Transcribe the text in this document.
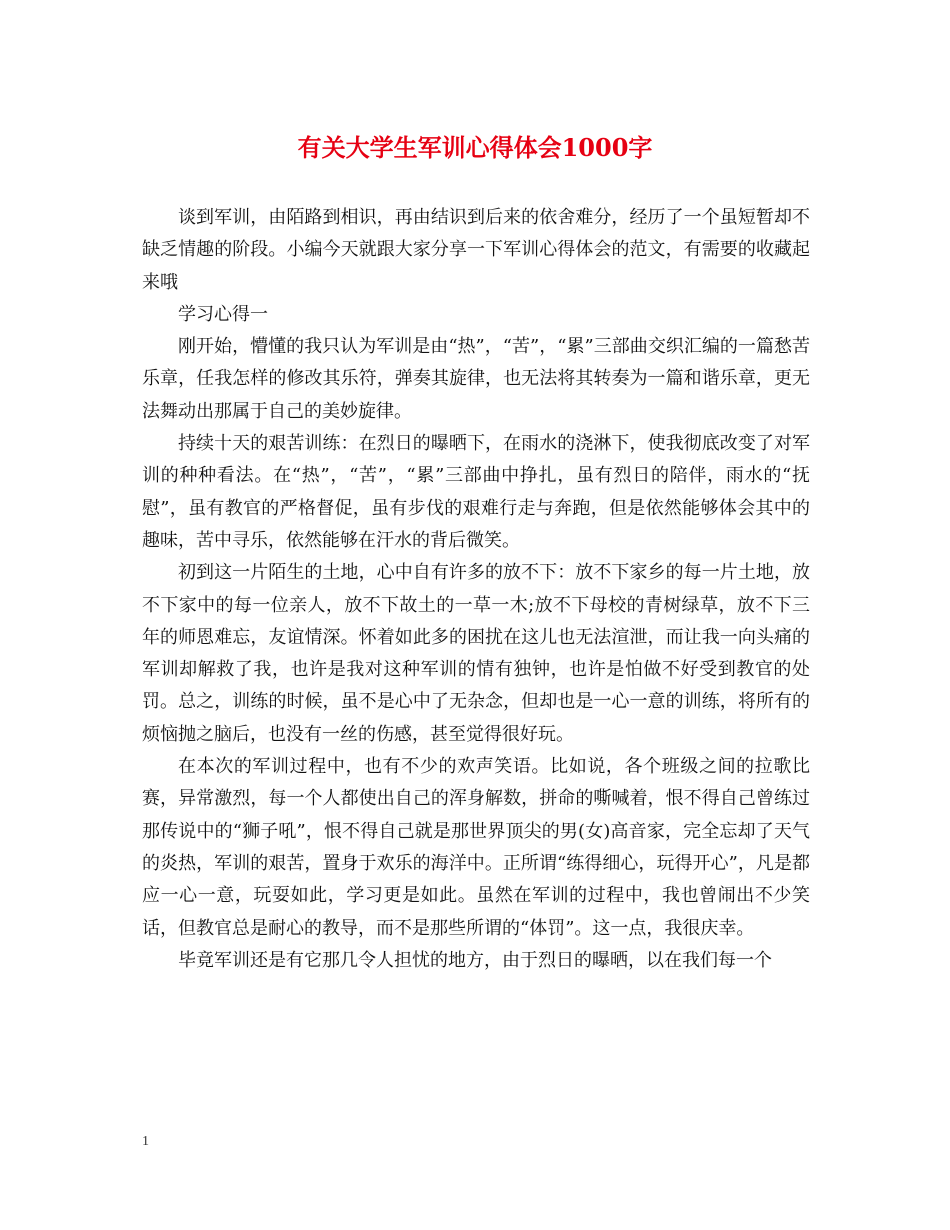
有关大学生军训心得体会1000字

谈到军训，由陌路到相识，再由结识到后来的依舍难分，经历了一个虽短暂却不缺乏情趣的阶段。小编今天就跟大家分享一下军训心得体会的范文，有需要的收藏起来哦

学习心得一

刚开始，懵懂的我只认为军训是由“热”，“苦”，“累”三部曲交织汇编的一篇愁苦乐章，任我怎样的修改其乐符，弹奏其旋律，也无法将其转奏为一篇和谐乐章，更无法舞动出那属于自己的美妙旋律。

持续十天的艰苦训练：在烈日的曝晒下，在雨水的浇淋下，使我彻底改变了对军训的种种看法。在“热”，“苦”，“累”三部曲中挣扎，虽有烈日的陪伴，雨水的“抚慰”，虽有教官的严格督促，虽有步伐的艰难行走与奔跑，但是依然能够体会其中的趣味，苦中寻乐，依然能够在汗水的背后微笑。

初到这一片陌生的土地，心中自有许多的放不下：放不下家乡的每一片土地，放不下家中的每一位亲人，放不下故土的一草一木;放不下母校的青树绿草，放不下三年的师恩难忘，友谊情深。怀着如此多的困扰在这儿也无法渲泄，而让我一向头痛的军训却解救了我，也许是我对这种军训的情有独钟，也许是怕做不好受到教官的处罚。总之，训练的时候，虽不是心中了无杂念，但却也是一心一意的训练，将所有的烦恼抛之脑后，也没有一丝的伤感，甚至觉得很好玩。

在本次的军训过程中，也有不少的欢声笑语。比如说，各个班级之间的拉歌比赛，异常激烈，每一个人都使出自己的浑身解数，拼命的嘶喊着，恨不得自己曾练过那传说中的“狮子吼”，恨不得自己就是那世界顶尖的男(女)高音家，完全忘却了天气的炎热，军训的艰苦，置身于欢乐的海洋中。正所谓“练得细心，玩得开心”，凡是都应一心一意，玩耍如此，学习更是如此。虽然在军训的过程中，我也曾闹出不少笑话，但教官总是耐心的教导，而不是那些所谓的“体罚”。这一点，我很庆幸。

毕竟军训还是有它那几令人担忧的地方，由于烈日的曝晒，以在我们每一个

1
